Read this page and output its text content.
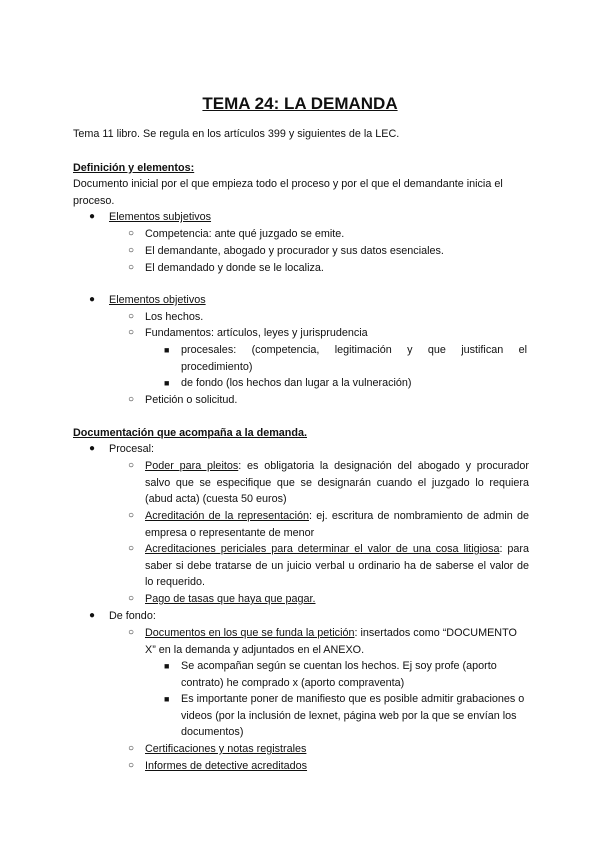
TEMA 24: LA DEMANDA
Tema 11 libro. Se regula en los artículos 399 y siguientes de la LEC.
Definición y elementos:
Documento inicial por el que empieza todo el proceso y por el que el demandante inicia el proceso.
● Elementos subjetivos
○ Competencia: ante qué juzgado se emite.
○ El demandante, abogado y procurador y sus datos esenciales.
○ El demandado y donde se le localiza.
● Elementos objetivos
○ Los hechos.
○ Fundamentos: artículos, leyes y jurisprudencia
■ procesales: (competencia, legitimación y que justifican el procedimiento)
■ de fondo (los hechos dan lugar a la vulneración)
○ Petición o solicitud.
Documentación que acompaña a la demanda.
● Procesal:
○ Poder para pleitos: es obligatoria la designación del abogado y procurador salvo que se especifique que se designarán cuando el juzgado lo requiera (abud acta) (cuesta 50 euros)
○ Acreditación de la representación: ej. escritura de nombramiento de admin de empresa o representante de menor
○ Acreditaciones periciales para determinar el valor de una cosa litigiosa: para saber si debe tratarse de un juicio verbal u ordinario ha de saberse el valor de lo requerido.
○ Pago de tasas que haya que pagar.
● De fondo:
○ Documentos en los que se funda la petición: insertados como “DOCUMENTO X” en la demanda y adjuntados en el ANEXO.
■ Se acompañan según se cuentan los hechos. Ej soy profe (aporto contrato) he comprado x (aporto compraventa)
■ Es importante poner de manifiesto que es posible admitir grabaciones o videos (por la inclusión de lexnet, página web por la que se envían los documentos)
○ Certificaciones y notas registrales
○ Informes de detective acreditados
